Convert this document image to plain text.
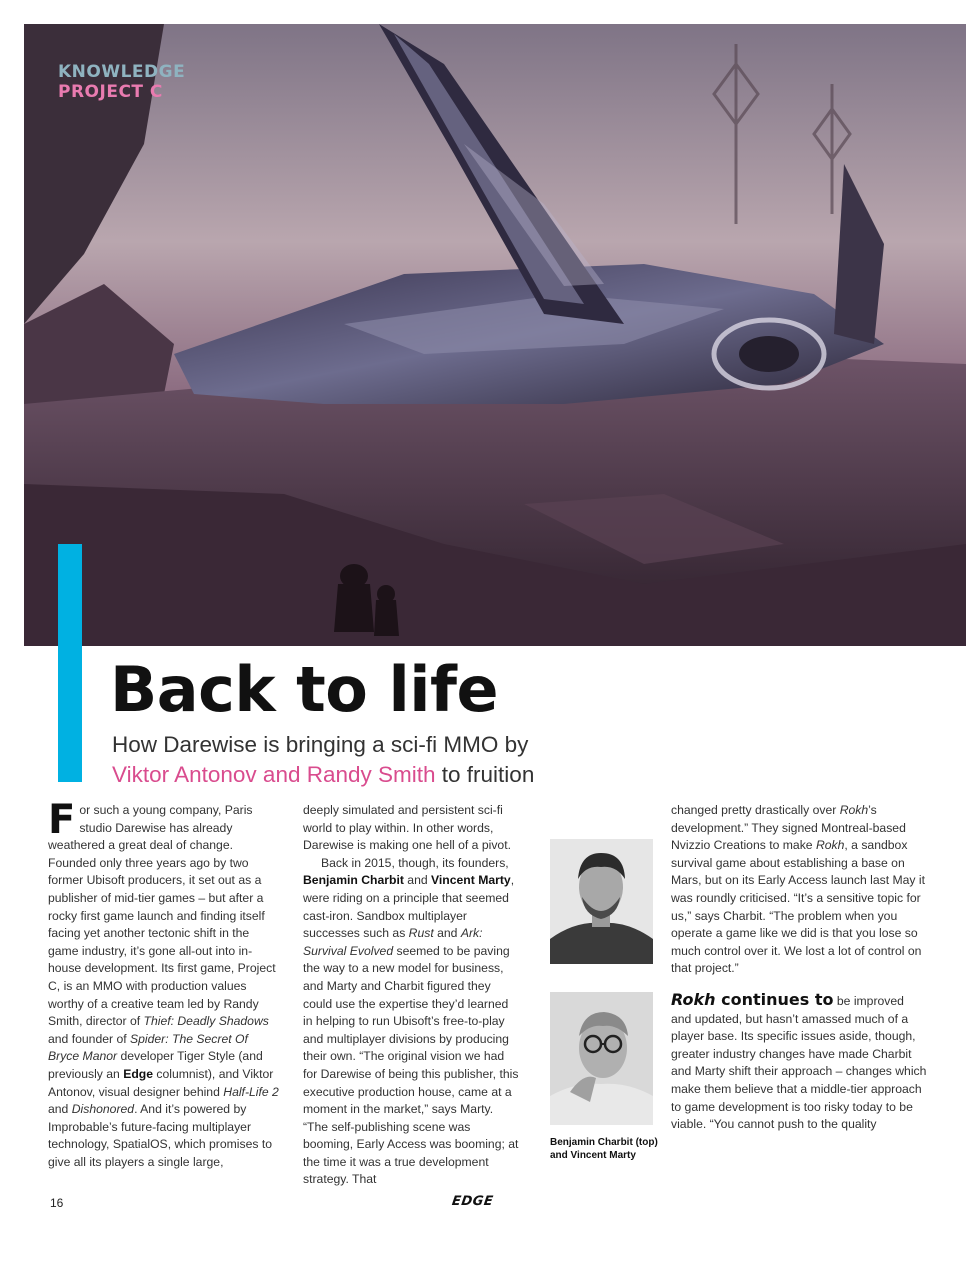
KNOWLEDGE
PROJECT C
Back to life

How Darewise is bringing a sci-fi MMO by
Viktor Antonov and Randy Smith to fruition

For such a young company, Paris studio Darewise has already weathered a great deal of change. Founded only three years ago by two former Ubisoft producers, it set out as a publisher of mid-tier games – but after a rocky first game launch and finding itself facing yet another tectonic shift in the game industry, it’s gone all-out into in-house development. Its first game, Project C, is an MMO with production values worthy of a creative team led by Randy Smith, director of Thief: Deadly Shadows and founder of Spider: The Secret Of Bryce Manor developer Tiger Style (and previously an Edge columnist), and Viktor Antonov, visual designer behind Half-Life 2 and Dishonored. And it’s powered by Improbable’s future-facing multiplayer technology, SpatialOS, which promises to give all its players a single large,

deeply simulated and persistent sci-fi world to play within. In other words, Darewise is making one hell of a pivot.

Back in 2015, though, its founders, Benjamin Charbit and Vincent Marty, were riding on a principle that seemed cast-iron. Sandbox multiplayer successes such as Rust and Ark: Survival Evolved seemed to be paving the way to a new model for business, and Marty and Charbit figured they could use the expertise they’d learned in helping to run Ubisoft’s free-to-play and multiplayer divisions by producing their own. “The original vision we had for Darewise of being this publisher, this executive production house, came at a moment in the market,” says Marty. “The self-publishing scene was booming, Early Access was booming; at the time it was a true development strategy. That

Benjamin Charbit (top)
and Vincent Marty

changed pretty drastically over Rokh’s development.” They signed Montreal-based Nvizzio Creations to make Rokh, a sandbox survival game about establishing a base on Mars, but on its Early Access launch last May it was roundly criticised. “It’s a sensitive topic for us,” says Charbit. “The problem when you operate a game like we did is that you lose so much control over it. We lost a lot of control on that project.”

Rokh continues to be improved and updated, but hasn’t amassed much of a player base. Its specific issues aside, though, greater industry changes have made Charbit and Marty shift their approach – changes which make them believe that a middle-tier approach to game development is too risky today to be viable. “You cannot push to the quality

16	EDGE
